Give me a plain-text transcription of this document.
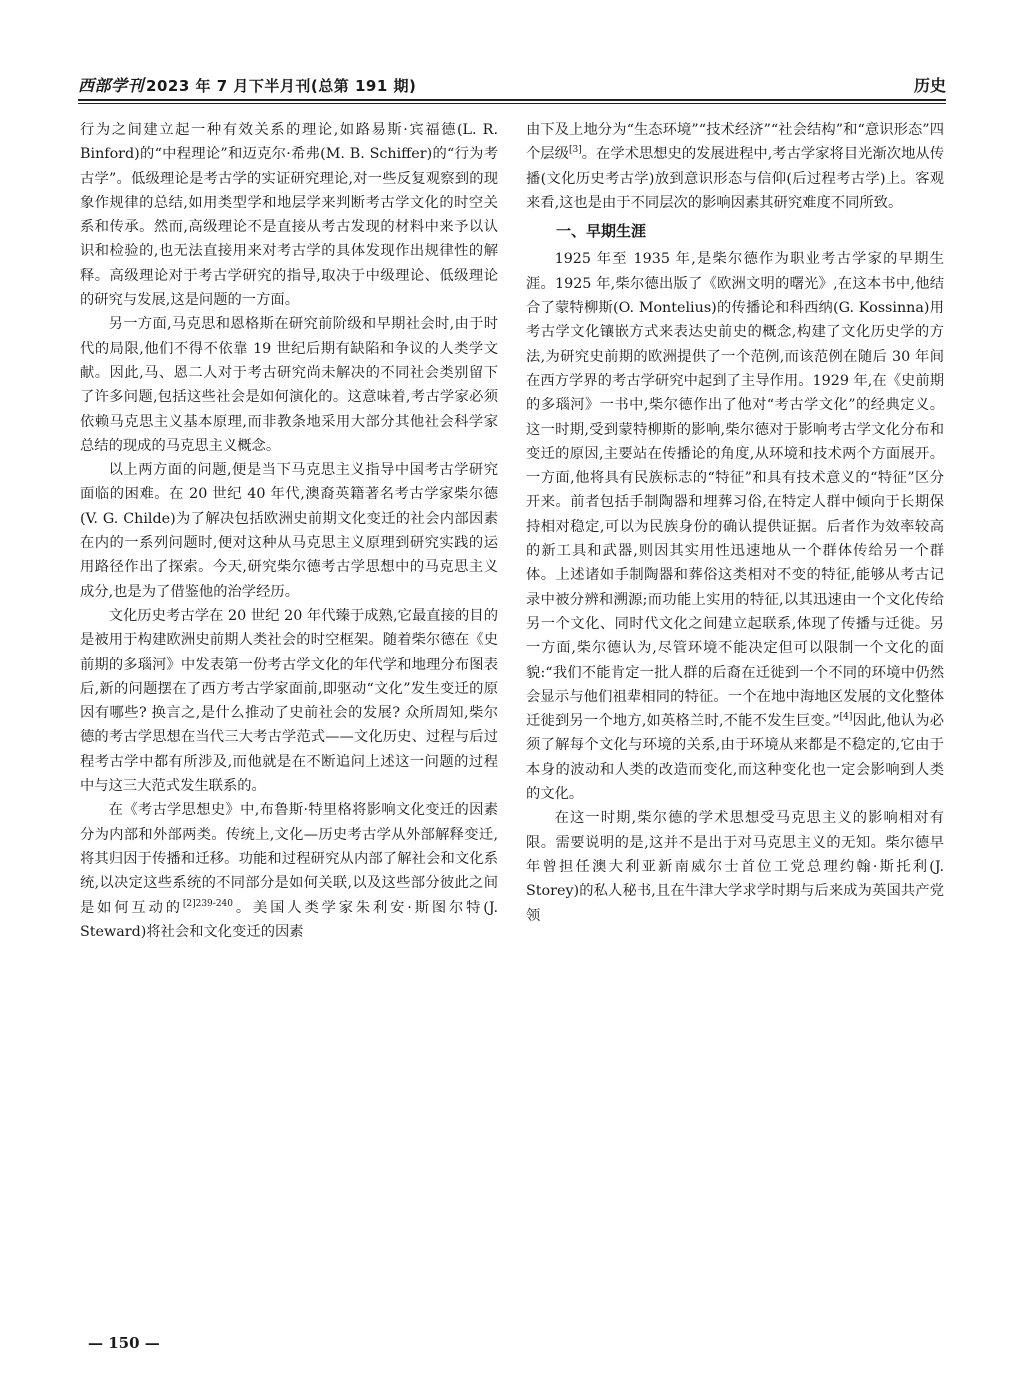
西部学刊 2023 年 7 月下半月刊(总第 191 期)	历史

行为之间建立起一种有效关系的理论,如路易斯·宾福德(L. R. Binford)的“中程理论”和迈克尔·希弗(M. B. Schiffer)的“行为考古学”。低级理论是考古学的实证研究理论,对一些反复观察到的现象作规律的总结,如用类型学和地层学来判断考古学文化的时空关系和传承。然而,高级理论不是直接从考古发现的材料中来予以认识和检验的,也无法直接用来对考古学的具体发现作出规律性的解释。高级理论对于考古学研究的指导,取决于中级理论、低级理论的研究与发展,这是问题的一方面。

另一方面,马克思和恩格斯在研究前阶级和早期社会时,由于时代的局限,他们不得不依靠 19 世纪后期有缺陷和争议的人类学文献。因此,马、恩二人对于考古研究尚未解决的不同社会类别留下了许多问题,包括这些社会是如何演化的。这意味着,考古学家必须依赖马克思主义基本原理,而非教条地采用大部分其他社会科学家总结的现成的马克思主义概念。

以上两方面的问题,便是当下马克思主义指导中国考古学研究面临的困难。在 20 世纪 40 年代,澳裔英籍著名考古学家柴尔德(V. G. Childe)为了解决包括欧洲史前期文化变迁的社会内部因素在内的一系列问题时,便对这种从马克思主义原理到研究实践的运用路径作出了探索。今天,研究柴尔德考古学思想中的马克思主义成分,也是为了借鉴他的治学经历。

文化历史考古学在 20 世纪 20 年代臻于成熟,它最直接的目的是被用于构建欧洲史前期人类社会的时空框架。随着柴尔德在《史前期的多瑙河》中发表第一份考古学文化的年代学和地理分布图表后,新的问题摆在了西方考古学家面前,即驱动“文化”发生变迁的原因有哪些? 换言之,是什么推动了史前社会的发展? 众所周知,柴尔德的考古学思想在当代三大考古学范式——文化历史、过程与后过程考古学中都有所涉及,而他就是在不断追问上述这一问题的过程中与这三大范式发生联系的。

在《考古学思想史》中,布鲁斯·特里格将影响文化变迁的因素分为内部和外部两类。传统上,文化—历史考古学从外部解释变迁,将其归因于传播和迁移。功能和过程研究从内部了解社会和文化系统,以决定这些系统的不同部分是如何关联,以及这些部分彼此之间是如何互动的$^{[2]239-240}$。美国人类学家朱利安·斯图尔特(J. Steward)将社会和文化变迁的因素

由下及上地分为“生态环境”“技术经济”“社会结构”和“意识形态”四个层级[3]。在学术思想史的发展进程中,考古学家将目光渐次地从传播(文化历史考古学)放到意识形态与信仰(后过程考古学)上。客观来看,这也是由于不同层次的影响因素其研究难度不同所致。

一、早期生涯

1925 年至 1935 年,是柴尔德作为职业考古学家的早期生涯。1925 年,柴尔德出版了《欧洲文明的曙光》,在这本书中,他结合了蒙特柳斯(O. Montelius)的传播论和科西纳(G. Kossinna)用考古学文化镶嵌方式来表达史前史的概念,构建了文化历史学的方法,为研究史前期的欧洲提供了一个范例,而该范例在随后 30 年间在西方学界的考古学研究中起到了主导作用。1929 年,在《史前期的多瑙河》一书中,柴尔德作出了他对“考古学文化”的经典定义。这一时期,受到蒙特柳斯的影响,柴尔德对于影响考古学文化分布和变迁的原因,主要站在传播论的角度,从环境和技术两个方面展开。一方面,他将具有民族标志的“特征”和具有技术意义的“特征”区分开来。前者包括手制陶器和埋葬习俗,在特定人群中倾向于长期保持相对稳定,可以为民族身份的确认提供证据。后者作为效率较高的新工具和武器,则因其实用性迅速地从一个群体传给另一个群体。上述诸如手制陶器和葬俗这类相对不变的特征,能够从考古记录中被分辨和溯源;而功能上实用的特征,以其迅速由一个文化传给另一个文化、同时代文化之间建立起联系,体现了传播与迁徙。另一方面,柴尔德认为,尽管环境不能决定但可以限制一个文化的面貌:“我们不能肯定一批人群的后裔在迁徙到一个不同的环境中仍然会显示与他们祖辈相同的特征。一个在地中海地区发展的文化整体迁徙到另一个地方,如英格兰时,不能不发生巨变。”[4]因此,他认为必须了解每个文化与环境的关系,由于环境从来都是不稳定的,它由于本身的波动和人类的改造而变化,而这种变化也一定会影响到人类的文化。

在这一时期,柴尔德的学术思想受马克思主义的影响相对有限。需要说明的是,这并不是出于对马克思主义的无知。柴尔德早年曾担任澳大利亚新南威尔士首位工党总理约翰·斯托利(J. Storey)的私人秘书,且在牛津大学求学时期与后来成为英国共产党领

— 150 —
